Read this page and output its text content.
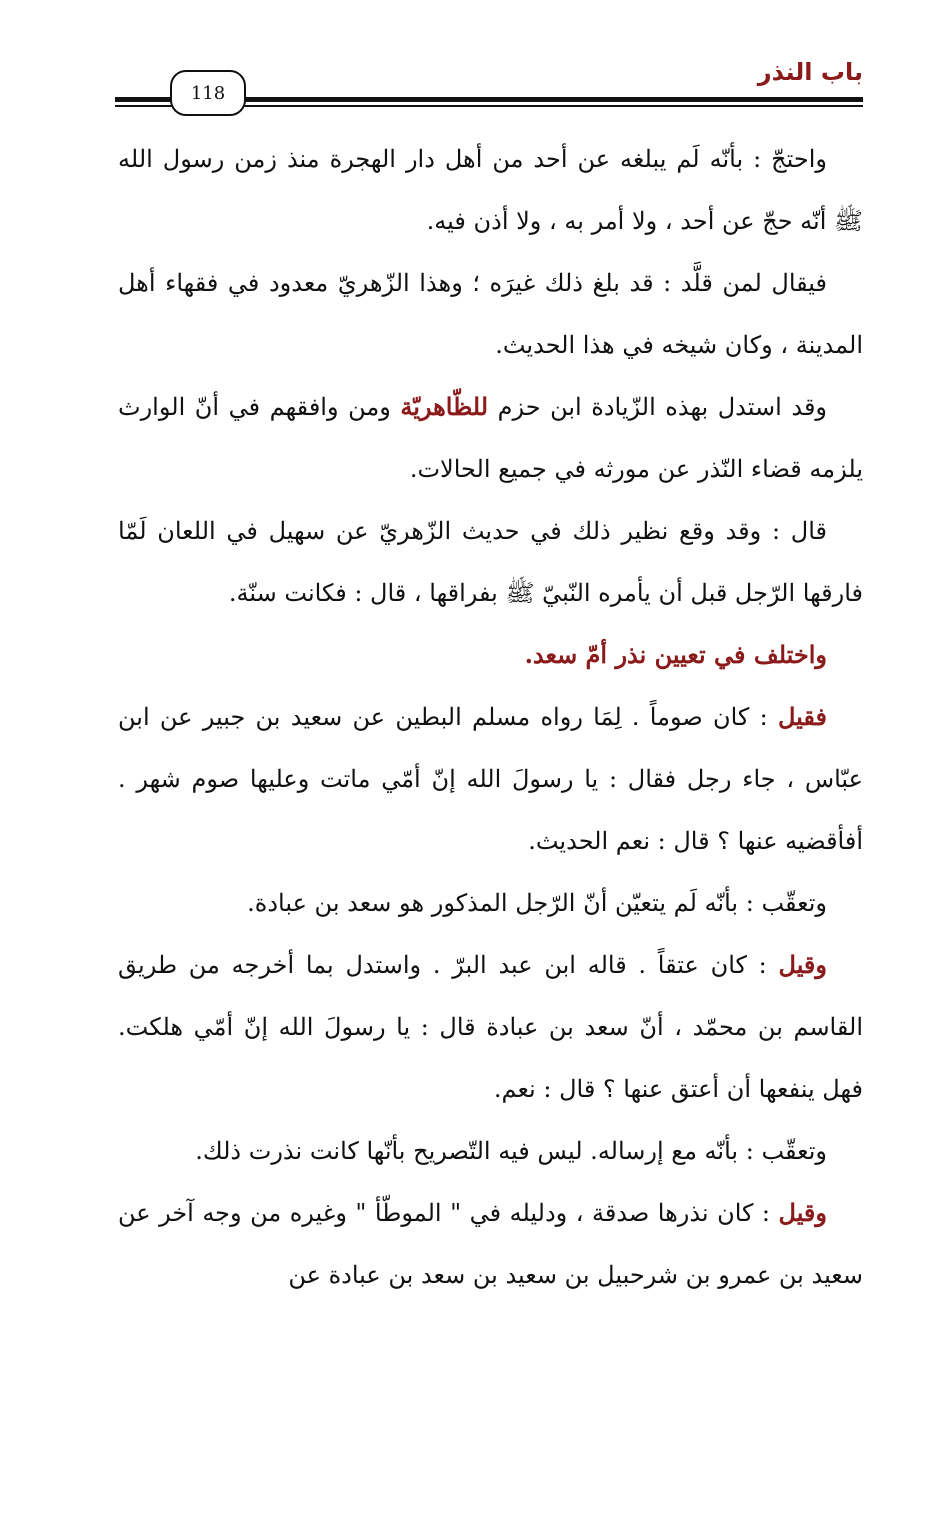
باب النذر
118

واحتجّ : بأنّه لَم يبلغه عن أحد من أهل دار الهجرة منذ زمن رسول الله ﷺ أنّه حجّ عن أحد ، ولا أمر به ، ولا أذن فيه.

فيقال لمن قلَّد : قد بلغ ذلك غيرَه ؛ وهذا الزّهريّ معدود في فقهاء أهل المدينة ، وكان شيخه في هذا الحديث.

وقد استدل بهذه الزّيادة ابن حزم للظّاهريّة ومن وافقهم في أنّ الوارث يلزمه قضاء النّذر عن مورثه في جميع الحالات.

قال : وقد وقع نظير ذلك في حديث الزّهريّ عن سهيل في اللعان لَمّا فارقها الرّجل قبل أن يأمره النّبيّ ﷺ بفراقها ، قال : فكانت سنّة.

واختلف في تعيين نذر أمّ سعد.

فقيل : كان صوماً . لِمَا رواه مسلم البطين عن سعيد بن جبير عن ابن عبّاس ، جاء رجل فقال : يا رسولَ الله إنّ أمّي ماتت وعليها صوم شهر . أفأقضيه عنها ؟ قال : نعم الحديث.

وتعقّب : بأنّه لَم يتعيّن أنّ الرّجل المذكور هو سعد بن عبادة.

وقيل : كان عتقاً . قاله ابن عبد البرّ . واستدل بما أخرجه من طريق القاسم بن محمّد ، أنّ سعد بن عبادة قال : يا رسولَ الله إنّ أمّي هلكت. فهل ينفعها أن أعتق عنها ؟ قال : نعم.

وتعقّب : بأنّه مع إرساله. ليس فيه التّصريح بأنّها كانت نذرت ذلك.

وقيل : كان نذرها صدقة ، ودليله في " الموطّأ " وغيره من وجه آخر عن سعيد بن عمرو بن شرحبيل بن سعيد بن سعد بن عبادة عن
